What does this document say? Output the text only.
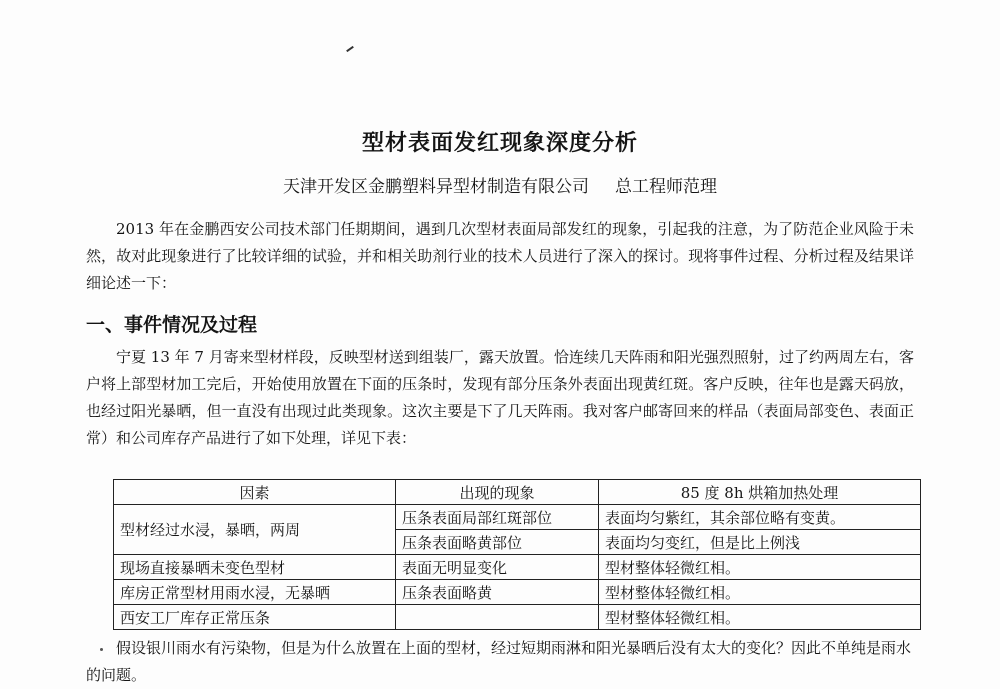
型材表面发红现象深度分析
天津开发区金鹏塑料异型材制造有限公司 总工程师范理
2013 年在金鹏西安公司技术部门任期期间，遇到几次型材表面局部发红的现象，引起我的注意，为了防范企业风险于未然，故对此现象进行了比较详细的试验，并和相关助剂行业的技术人员进行了深入的探讨。现将事件过程、分析过程及结果详细论述一下：
一、事件情况及过程
宁夏 13 年 7 月寄来型材样段，反映型材送到组装厂，露天放置。恰连续几天阵雨和阳光强烈照射，过了约两周左右，客户将上部型材加工完后，开始使用放置在下面的压条时，发现有部分压条外表面出现黄红斑。客户反映，往年也是露天码放，也经过阳光暴晒，但一直没有出现过此类现象。这次主要是下了几天阵雨。我对客户邮寄回来的样品（表面局部变色、表面正常）和公司库存产品进行了如下处理，详见下表：
因素	出现的现象	85 度 8h 烘箱加热处理
型材经过水浸，暴晒，两周	压条表面局部红斑部位	表面均匀紫红，其余部位略有变黄。
	压条表面略黄部位	表面均匀变红，但是比上例浅
现场直接暴晒未变色型材	表面无明显变化	型材整体轻微红相。
库房正常型材用雨水浸，无暴晒	压条表面略黄	型材整体轻微红相。
西安工厂库存正常压条		型材整体轻微红相。
假设银川雨水有污染物，但是为什么放置在上面的型材，经过短期雨淋和阳光暴晒后没有太大的变化？因此不单纯是雨水的问题。
